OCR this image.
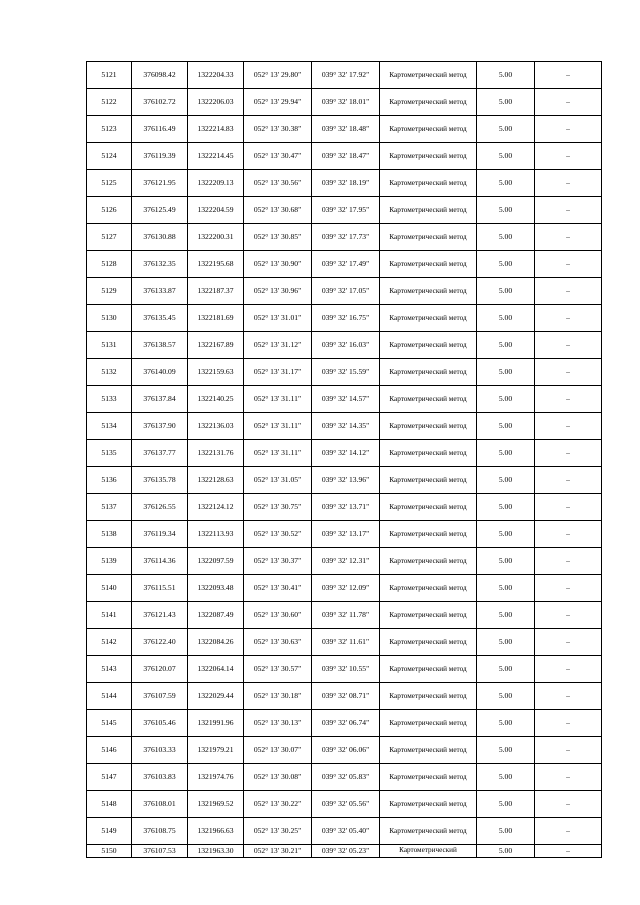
5121	376098.42	1322204.33	052° 13' 29.80"	039° 32' 17.92"	Картометрический метод	5.00	–
5122	376102.72	1322206.03	052° 13' 29.94"	039° 32' 18.01"	Картометрический метод	5.00	–
5123	376116.49	1322214.83	052° 13' 30.38"	039° 32' 18.48"	Картометрический метод	5.00	–
5124	376119.39	1322214.45	052° 13' 30.47"	039° 32' 18.47"	Картометрический метод	5.00	–
5125	376121.95	1322209.13	052° 13' 30.56"	039° 32' 18.19"	Картометрический метод	5.00	–
5126	376125.49	1322204.59	052° 13' 30.68"	039° 32' 17.95"	Картометрический метод	5.00	–
5127	376130.88	1322200.31	052° 13' 30.85"	039° 32' 17.73"	Картометрический метод	5.00	–
5128	376132.35	1322195.68	052° 13' 30.90"	039° 32' 17.49"	Картометрический метод	5.00	–
5129	376133.87	1322187.37	052° 13' 30.96"	039° 32' 17.05"	Картометрический метод	5.00	–
5130	376135.45	1322181.69	052° 13' 31.01"	039° 32' 16.75"	Картометрический метод	5.00	–
5131	376138.57	1322167.89	052° 13' 31.12"	039° 32' 16.03"	Картометрический метод	5.00	–
5132	376140.09	1322159.63	052° 13' 31.17"	039° 32' 15.59"	Картометрический метод	5.00	–
5133	376137.84	1322140.25	052° 13' 31.11"	039° 32' 14.57"	Картометрический метод	5.00	–
5134	376137.90	1322136.03	052° 13' 31.11"	039° 32' 14.35"	Картометрический метод	5.00	–
5135	376137.77	1322131.76	052° 13' 31.11"	039° 32' 14.12"	Картометрический метод	5.00	–
5136	376135.78	1322128.63	052° 13' 31.05"	039° 32' 13.96"	Картометрический метод	5.00	–
5137	376126.55	1322124.12	052° 13' 30.75"	039° 32' 13.71"	Картометрический метод	5.00	–
5138	376119.34	1322113.93	052° 13' 30.52"	039° 32' 13.17"	Картометрический метод	5.00	–
5139	376114.36	1322097.59	052° 13' 30.37"	039° 32' 12.31"	Картометрический метод	5.00	–
5140	376115.51	1322093.48	052° 13' 30.41"	039° 32' 12.09"	Картометрический метод	5.00	–
5141	376121.43	1322087.49	052° 13' 30.60"	039° 32' 11.78"	Картометрический метод	5.00	–
5142	376122.40	1322084.26	052° 13' 30.63"	039° 32' 11.61"	Картометрический метод	5.00	–
5143	376120.07	1322064.14	052° 13' 30.57"	039° 32' 10.55"	Картометрический метод	5.00	–
5144	376107.59	1322029.44	052° 13' 30.18"	039° 32' 08.71"	Картометрический метод	5.00	–
5145	376105.46	1321991.96	052° 13' 30.13"	039° 32' 06.74"	Картометрический метод	5.00	–
5146	376103.33	1321979.21	052° 13' 30.07"	039° 32' 06.06"	Картометрический метод	5.00	–
5147	376103.83	1321974.76	052° 13' 30.08"	039° 32' 05.83"	Картометрический метод	5.00	–
5148	376108.01	1321969.52	052° 13' 30.22"	039° 32' 05.56"	Картометрический метод	5.00	–
5149	376108.75	1321966.63	052° 13' 30.25"	039° 32' 05.40"	Картометрический метод	5.00	–
5150	376107.53	1321963.30	052° 13' 30.21"	039° 32' 05.23"	Картометрический	5.00	–
